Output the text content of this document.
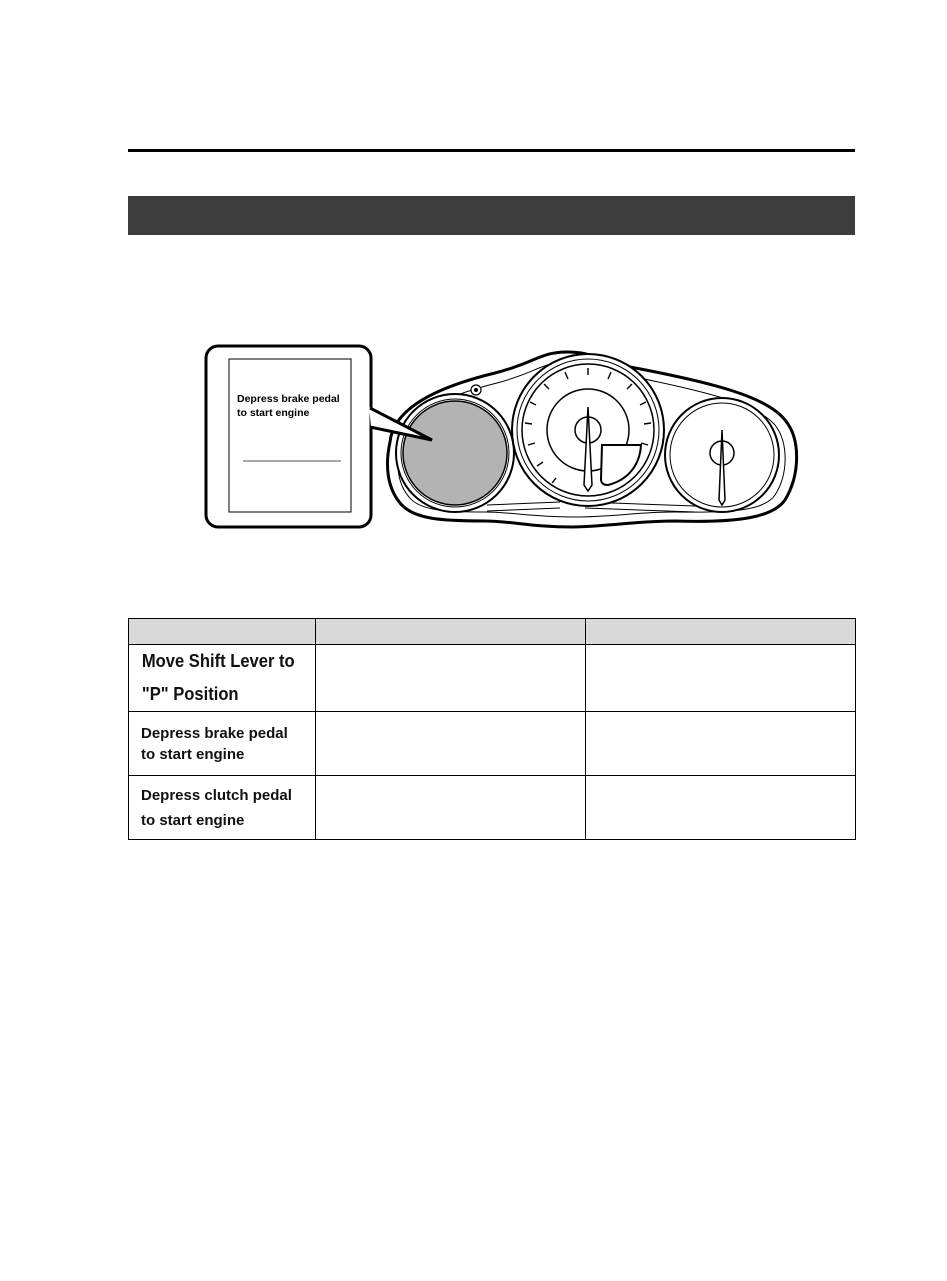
Depress brake pedal to start engine

Move Shift Lever to
"P" Position		

Depress brake pedal
to start engine		

Depress clutch pedal
to start engine		
